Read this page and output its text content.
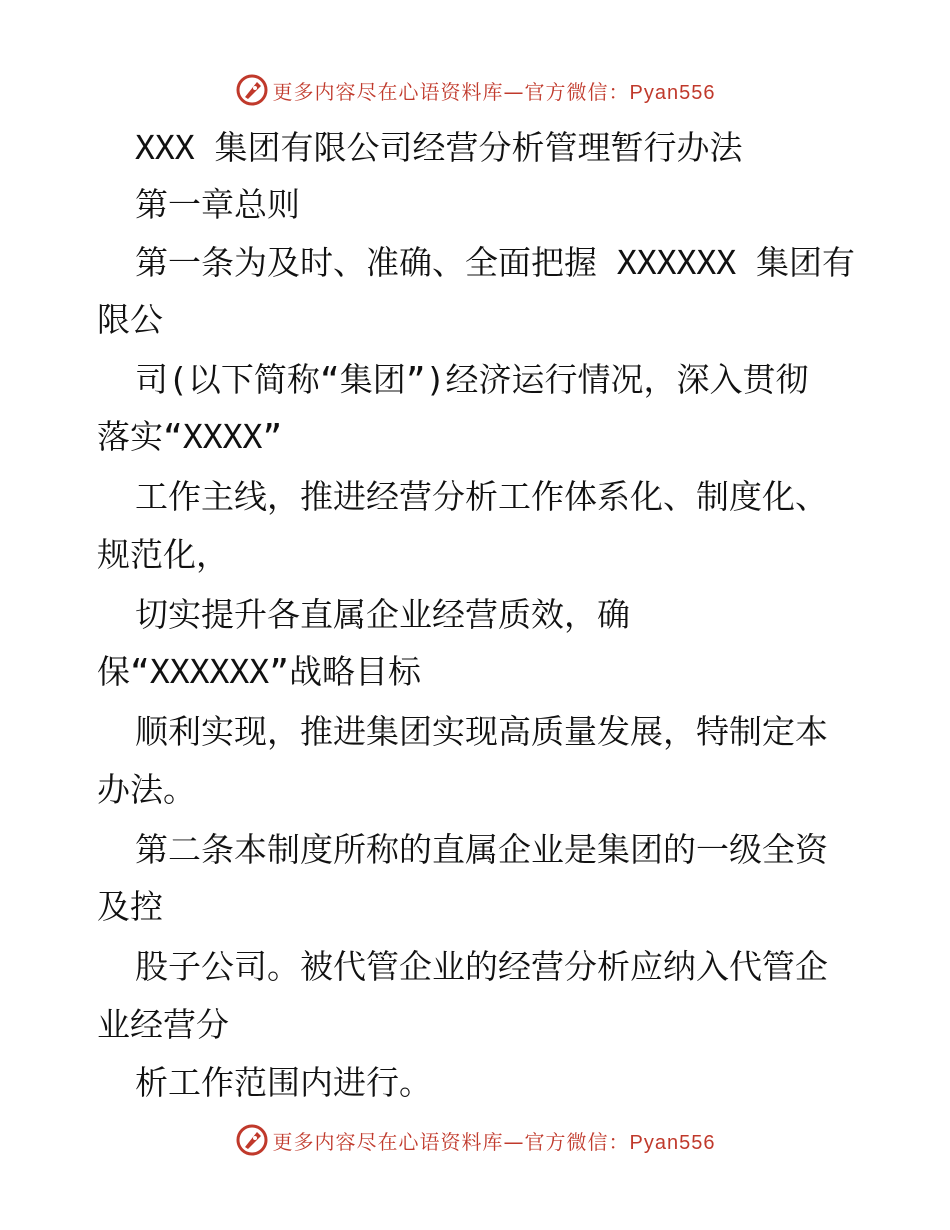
更多内容尽在心语资料库—官方微信：Pyan556
XXX 集团有限公司经营分析管理暂行办法
第一章总则
第一条为及时、准确、全面把握 XXXXXX 集团有
限公
司(以下简称“集团”)经济运行情况，深入贯彻
落实“XXXX”
工作主线，推进经营分析工作体系化、制度化、
规范化，
切实提升各直属企业经营质效，确
保“XXXXXX”战略目标
顺利实现，推进集团实现高质量发展，特制定本
办法。
第二条本制度所称的直属企业是集团的一级全资
及控
股子公司。被代管企业的经营分析应纳入代管企
业经营分
析工作范围内进行。
更多内容尽在心语资料库—官方微信：Pyan556
